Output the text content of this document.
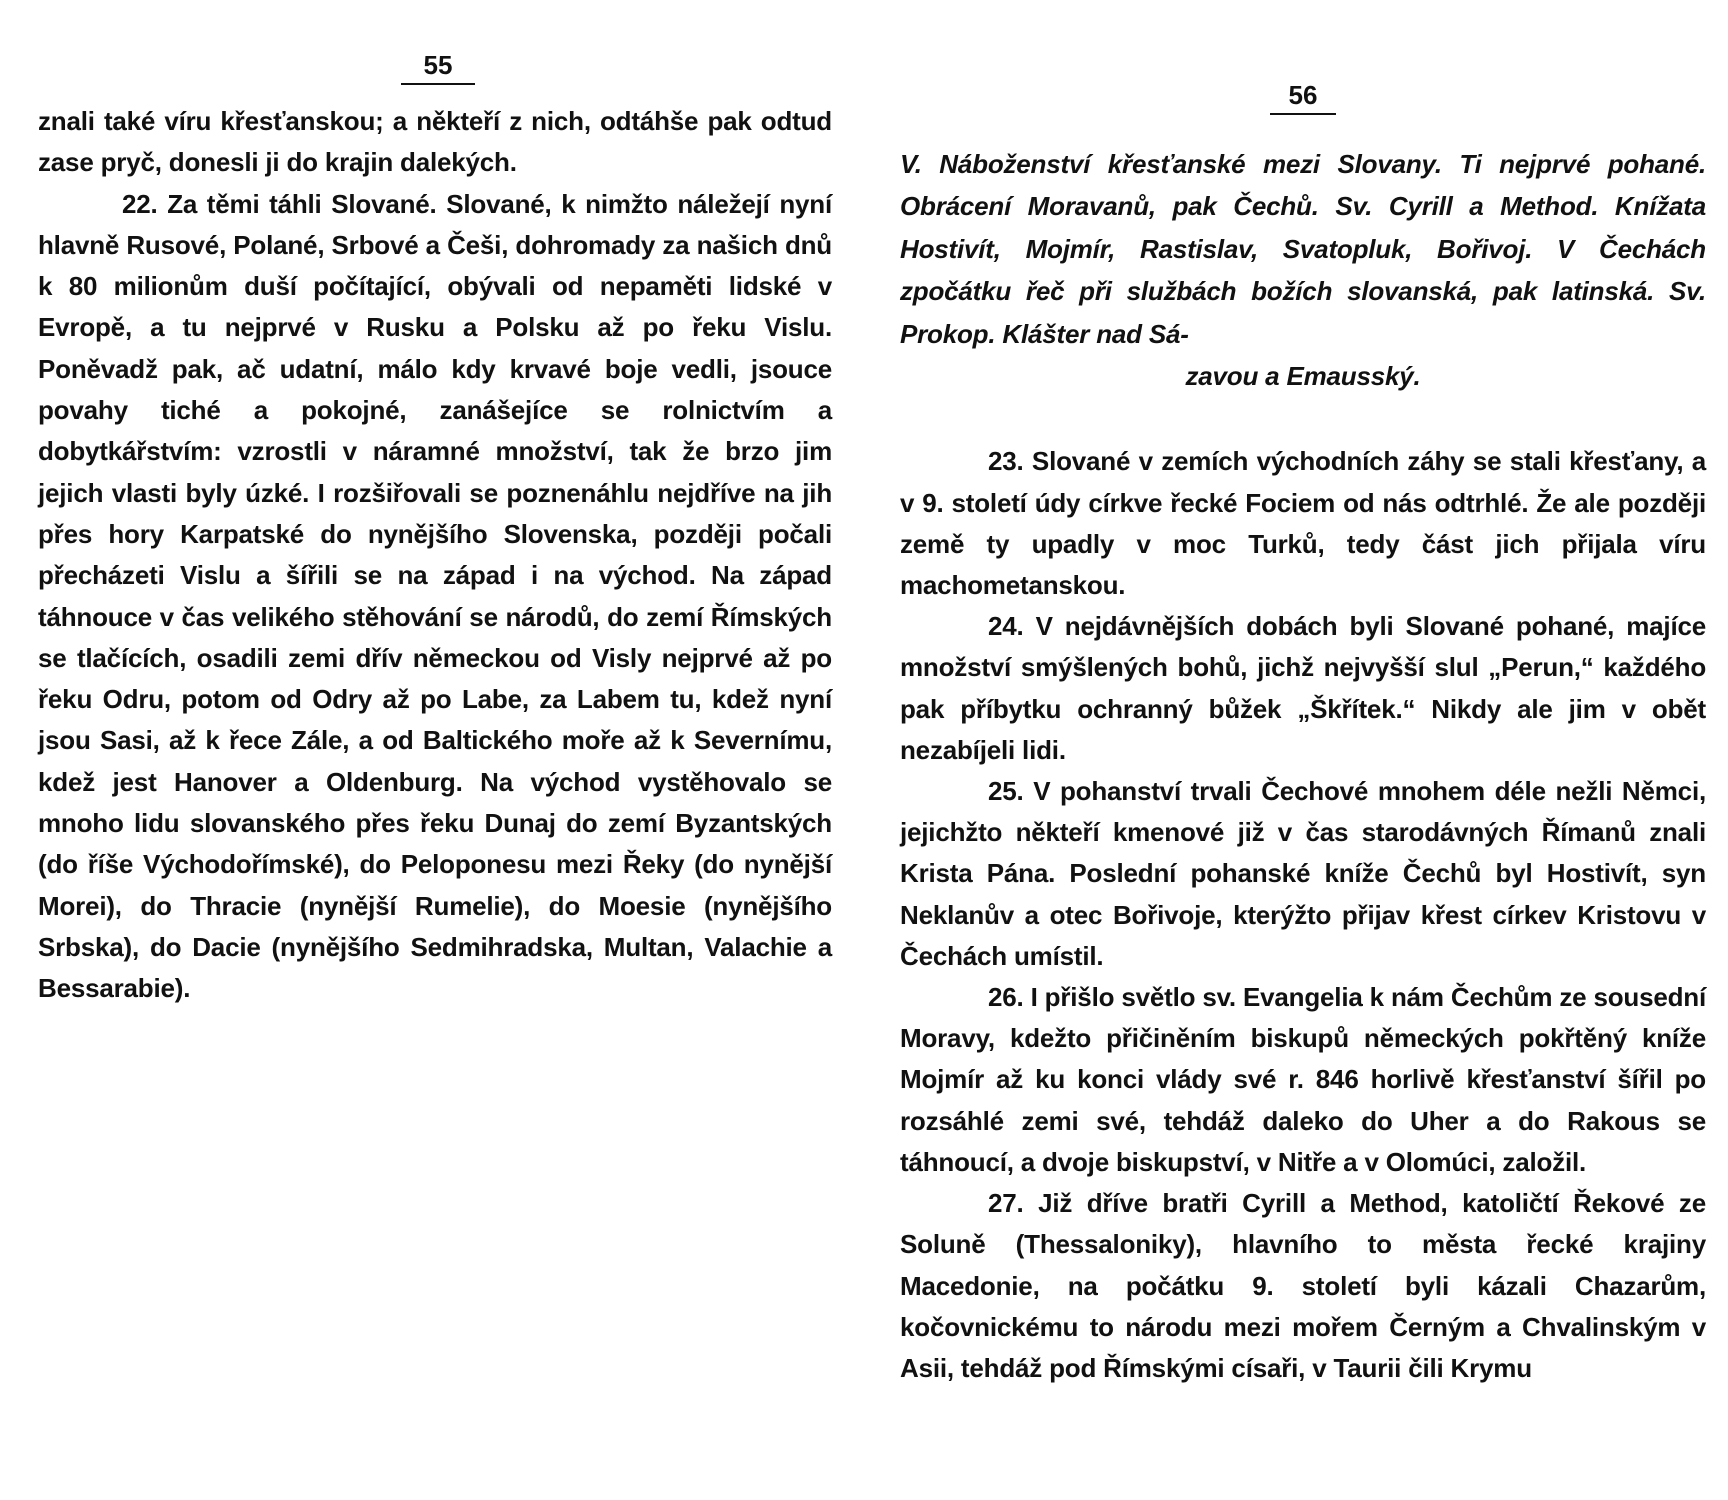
55

znali také víru křesťanskou; a někteří z nich, odtáhše pak odtud zase pryč, donesli ji do krajin dalekých.

22. Za těmi táhli Slované. Slované, k nimžto náležejí nyní hlavně Rusové, Polané, Srbové a Češi, dohromady za našich dnů k 80 milionům duší počítající, obývali od nepaměti lidské v Evropě, a tu nejprvé v Rusku a Polsku až po řeku Vislu. Poněvadž pak, ač udatní, málo kdy krvavé boje vedli, jsouce povahy tiché a pokojné, zanášejíce se rolnictvím a dobytkářstvím: vzrostli v náramné množství, tak že brzo jim jejich vlasti byly úzké. I rozšiřovali se poznenáhlu nejdříve na jih přes hory Karpatské do nynějšího Slovenska, později počali přecházeti Vislu a šířili se na západ i na východ. Na západ táhnouce v čas velikého stěhování se národů, do zemí Římských se tlačících, osadili zemi dřív německou od Visly nejprvé až po řeku Odru, potom od Odry až po Labe, za Labem tu, kdež nyní jsou Sasi, až k řece Zále, a od Baltického moře až k Severnímu, kdež jest Hanover a Oldenburg. Na východ vystěhovalo se mnoho lidu slovanského přes řeku Dunaj do zemí Byzantských (do říše Východořímské), do Peloponesu mezi Řeky (do nynější Morei), do Thracie (nynější Rumelie), do Moesie (nynějšího Srbska), do Dacie (nynějšího Sedmihradska, Multan, Valachie a Bessarabie).

56
V. Náboženství křesťanské mezi Slovany. Ti nejprvé pohané. Obrácení Moravanů, pak Čechů. Sv. Cyrill a Method. Knížata Hostivít, Mojmír, Rastislav, Svatopluk, Bořivoj. V Čechách zpočátku řeč při službách božích slovanská, pak latinská. Sv. Prokop. Klášter nad Sá-
zavou a Emausský.

23. Slované v zemích východních záhy se stali křesťany, a v 9. století údy církve řecké Fociem od nás odtrhlé. Že ale později země ty upadly v moc Turků, tedy část jich přijala víru machometanskou.

24. V nejdávnějších dobách byli Slované pohané, majíce množství smýšlených bohů, jichž nejvyšší slul „Perun,“ každého pak příbytku ochranný bůžek „Škřítek.“ Nikdy ale jim v obět nezabíjeli lidi.

25. V pohanství trvali Čechové mnohem déle nežli Němci, jejichžto někteří kmenové již v čas starodávných Římanů znali Krista Pána. Poslední pohanské kníže Čechů byl Hostivít, syn Neklanův a otec Bořivoje, kterýžto přijav křest církev Kristovu v Čechách umístil.

26. I přišlo světlo sv. Evangelia k nám Čechům ze sousední Moravy, kdežto přičiněním biskupů německých pokřtěný kníže Mojmír až ku konci vlády své r. 846 horlivě křesťanství šířil po rozsáhlé zemi své, tehdáž daleko do Uher a do Rakous se táhnoucí, a dvoje biskupství, v Nitře a v Olomúci, založil.

27. Již dříve bratři Cyrill a Method, katoličtí Řekové ze Soluně (Thessaloniky), hlavního to města řecké krajiny Macedonie, na počátku 9. století byli kázali Chazarům, kočovnickému to národu mezi mořem Černým a Chvalinským v Asii, tehdáž pod Římskými císaři, v Taurii čili Krymu
